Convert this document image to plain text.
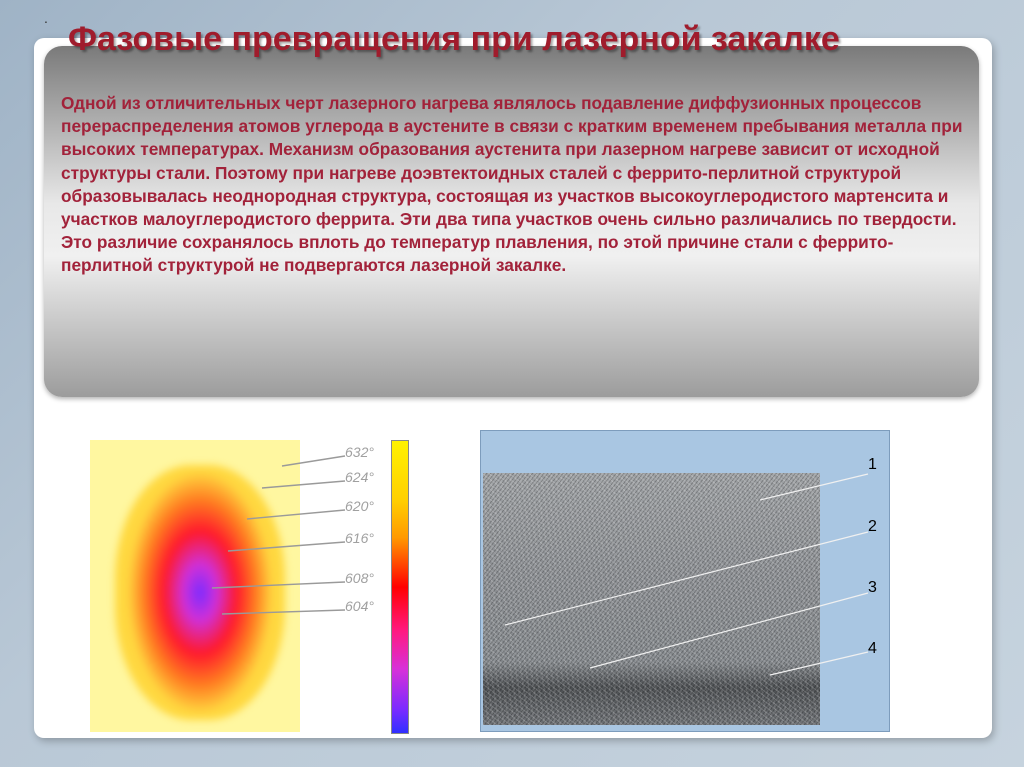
.
Фазовые превращения при лазерной закалке

Одной из отличительных черт лазерного нагрева являлось подавление диффузионных процессов перераспределения атомов углерода в аустените в связи с кратким временем пребывания металла при высоких температурах. Механизм образования аустенита при лазерном нагреве зависит от исходной структуры стали. Поэтому при нагреве доэвтектоидных сталей с феррито-перлитной структурой образовывалась неоднородная структура, состоящая из участков высокоуглеродистого мартенсита и участков малоуглеродистого феррита. Эти два типа участков очень сильно различались по твердости. Это различие сохранялось вплоть до температур плавления, по этой причине стали с феррито-перлитной структурой не подвергаются лазерной закалке.

632°
624°
620°
616°
608°
604°
1
2
3
4
